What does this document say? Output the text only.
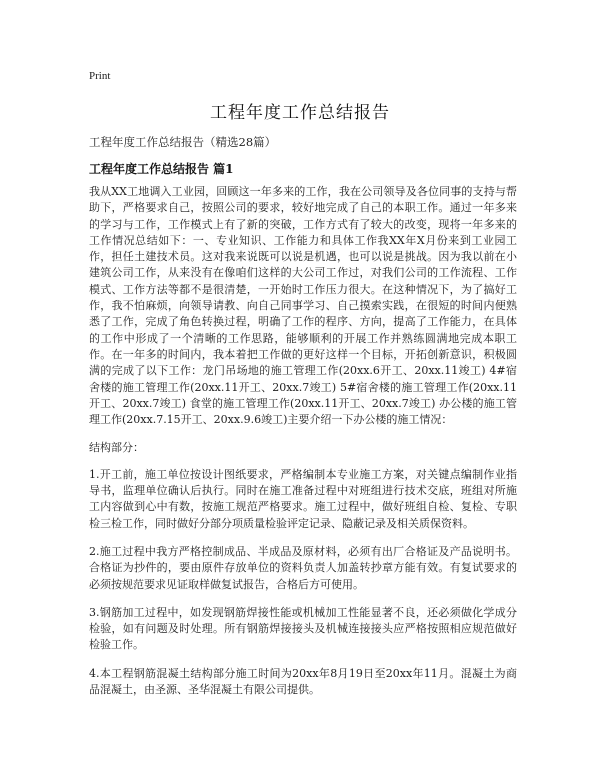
Print
工程年度工作总结报告
工程年度工作总结报告（精选28篇）
工程年度工作总结报告 篇1

我从XX工地调入工业园，回顾这一年多来的工作，我在公司领导及各位同事的支持与帮助下，严格要求自己，按照公司的要求，较好地完成了自己的本职工作。通过一年多来的学习与工作，工作模式上有了新的突破，工作方式有了较大的改变，现将一年多来的工作情况总结如下：一、专业知识、工作能力和具体工作我XX年X月份来到工业园工作，担任土建技术员。这对我来说既可以说是机遇，也可以说是挑战。因为我以前在小建筑公司工作，从来没有在像咱们这样的大公司工作过，对我们公司的工作流程、工作模式、工作方法等都不是很清楚，一开始时工作压力很大。在这种情况下，为了搞好工作，我不怕麻烦，向领导请教、向自己同事学习、自己摸索实践，在很短的时间内便熟悉了工作，完成了角色转换过程，明确了工作的程序、方向，提高了工作能力，在具体的工作中形成了一个清晰的工作思路，能够顺利的开展工作并熟练圆满地完成本职工作。在一年多的时间内，我本着把工作做的更好这样一个目标，开拓创新意识，积极圆满的完成了以下工作：龙门吊场地的施工管理工作(20xx.6开工、20xx.11竣工) 4#宿舍楼的施工管理工作(20xx.11开工、20xx.7竣工) 5#宿舍楼的施工管理工作(20xx.11开工、20xx.7竣工) 食堂的施工管理工作(20xx.11开工、20xx.7竣工) 办公楼的施工管理工作(20xx.7.15开工、20xx.9.6竣工)主要介绍一下办公楼的施工情况：

结构部分：

1.开工前，施工单位按设计图纸要求，严格编制本专业施工方案，对关键点编制作业指导书，监理单位确认后执行。同时在施工准备过程中对班组进行技术交底，班组对所施工内容做到心中有数，按施工规范严格要求。施工过程中，做好班组自检、复检、专职检三检工作，同时做好分部分项质量检验评定记录、隐蔽记录及相关质保资料。

2.施工过程中我方严格控制成品、半成品及原材料，必须有出厂合格证及产品说明书。合格证为抄件的，要由原件存放单位的资料负责人加盖转抄章方能有效。有复试要求的必须按规范要求见证取样做复试报告，合格后方可使用。

3.钢筋加工过程中，如发现钢筋焊接性能或机械加工性能显著不良，还必须做化学成分检验，如有问题及时处理。所有钢筋焊接接头及机械连接接头应严格按照相应规范做好检验工作。

4.本工程钢筋混凝土结构部分施工时间为20xx年8月19日至20xx年11月。混凝土为商品混凝土，由圣源、圣华混凝土有限公司提供。
